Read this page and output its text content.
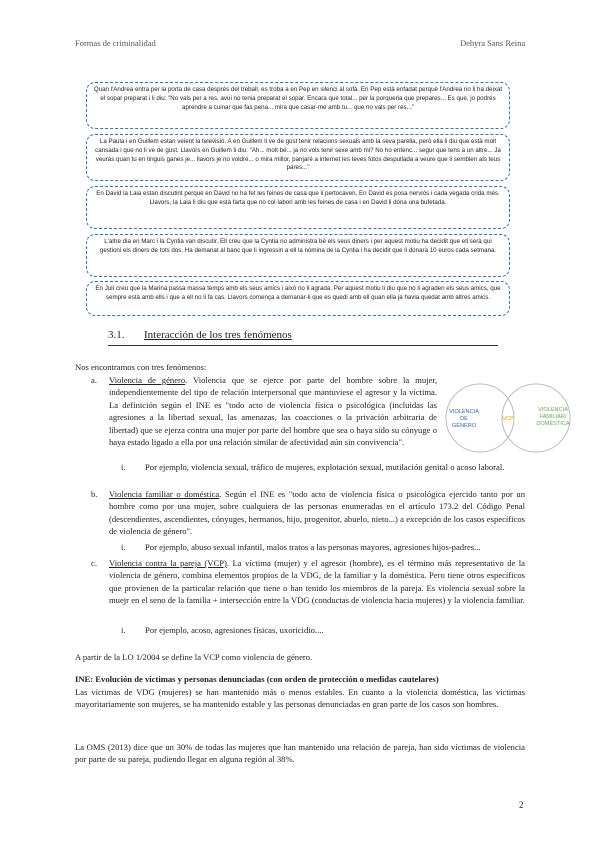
Formas de criminalidad	Dehyra Sans Reina
Quan l'Andrea entra per la porta de casa després del treball, es troba a en Pep en silenci al sofà. En Pep està enfadat perquè l'Andrea no li ha deixat el sopar preparat i li diu: "No vals per a res, avui no tenia preparat el sopar. Encara que total... per la porqueria que prepares... Es que, jo podrés aprendre a cuinar que fas pena... mira que casar-me amb tu... que no vals per res..."
La Paula i en Guillem estan veient la televisió. A en Guillem li ve de gust tenir relacions sexuals amb la seva parella, però ella li diu que està molt cansada i que no li ve de gust. Llavors en Guillem li diu: "Ah... molt bé... ja no vols tenir sexe amb mi? No ho entenc... segur que tens a un altre... Ja veurás quan tu en tinguis ganes je... llavors je no voldré... o mira millor, panjaré a internet les teves fotos despullada a veure que li semblen als teus pares..."
En David la Laia estan discutint perquè en David no ha fet les feines de casa que li pertocaven. En David es posa nerviós i cada vegada crida més. Llavors, la Laia li diu que està farta que no col·labori amb les feines de casa i en David li dóna una bufetada.
L'altre dia en Marc i la Cyntia van discutir. Ell creu que la Cyntia no administra bé els seus diners i per aquest motiu ha decidit que ell serà qui gestioni els diners de tots dos. Ha demanat al banc que li ingressin a ell la nòmina de la Cyntia i ha decidit que li donarà 10 euros cada setmana.
En Julí creu que la Marina passa massa temps amb els seus amics i això no li agrada. Per aquest motiu li diu que no li agraden els seus amics, que sempre està amb ells i que a ell no li fa cas. Llavors comença a demanar-li que es quedi amb ell quan ella ja havia quedat amb altres amics.
3.1. Interacción de los tres fenómenos
Nos encontramos con tres fenómenos:
a. Violencia de género. Violencia que se ejerce por parte del hombre sobre la mujer, independientemente del tipo de relación interpersonal que mantuviese el agresor y la víctima. La definición según el INE es "todo acto de violencia física o psicológica (incluidas las agresiones a la libertad sexual, las amenazas, las coacciones o la privación arbitraria de libertad) que se ejerza contra una mujer por parte del hombre que sea o haya sido su cónyuge o haya estado ligado a ella por una relación similar de afectividad aún sin convivencia".
i. Por ejemplo, violencia sexual, tráfico de mujeres, explotación sexual, mutilación genital o acoso laboral.
VIOLENCIA DE GÉNERO
VCP
VIOLENCIA FAMILIAR/ DOMÉSTICA
b. Violencia familiar o doméstica. Según el INE es "todo acto de violencia física o psicológica ejercido tanto por un hombre como por una mujer, sobre cualquiera de las personas enumeradas en el artículo 173.2 del Código Penal (descendientes, ascendientes, cónyuges, hermanos, hijo, progenitor, abuelo, nieto...) a excepción de los casos específicos de violencia de género".
i. Por ejemplo, abuso sexual infantil, malos tratos a las personas mayores, agresiones hijos-padres...
c. Violencia contra la pareja (VCP). La víctima (mujer) y el agresor (hombre), es el término más representativo de la violencia de género, combina elementos propios de la VDG, de la familiar y la doméstica. Pero tiene otros específicos que provienen de la particular relación que tiene o han tenido los miembros de la pareja. Es violencia sexual sobre la muejr en el seno de la familia + intersección entre la VDG (conductas de violencia hacia mujeres) y la violencia familiar.
i. Por ejemplo, acoso, agresiones físicas, uxoricidio....
A partir de la LO 1/2004 se define la VCP como violencia de género.
INE: Evolución de víctimas y personas denunciadas (con orden de protección o medidas cautelares)
Las víctimas de VDG (mujeres) se han mantenido más o menos estables. En cuanto a la violencia doméstica, las víctimas mayoritariamente son mujeres, se ha mantenido estable y las personas denunciadas en gran parte de los casos son hombres.
La OMS (2013) dice que un 30% de todas las mujeres que han mantenido una relación de pareja, han sido víctimas de violencia por parte de su pareja, pudiendo llegar en alguna región al 38%.
2
